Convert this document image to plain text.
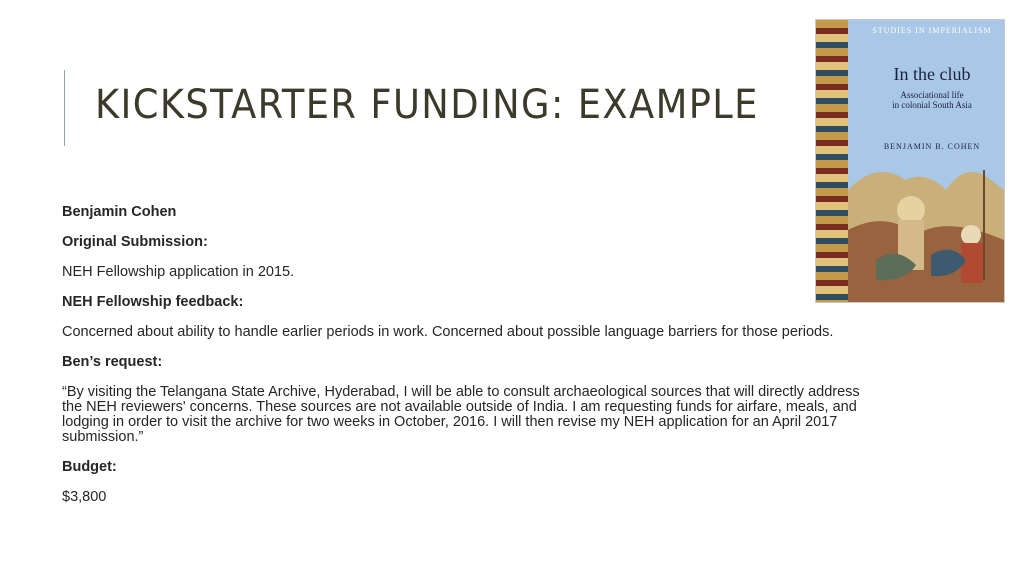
KICKSTARTER FUNDING: EXAMPLE

Benjamin Cohen

Original Submission:

NEH Fellowship application in 2015.

NEH Fellowship feedback:

Concerned about ability to handle earlier periods in work. Concerned about possible language barriers for those periods.

Ben’s request:

“By visiting the Telangana State Archive, Hyderabad, I will be able to consult archaeological sources that will directly address the NEH reviewers' concerns. These sources are not available outside of India. I am requesting funds for airfare, meals, and lodging in order to visit the archive for two weeks in October, 2016. I will then revise my NEH application for an April 2017 submission.”

Budget:

$3,800

STUDIES IN IMPERIALISM
In the club
Associational life
in colonial South Asia
BENJAMIN B. COHEN
